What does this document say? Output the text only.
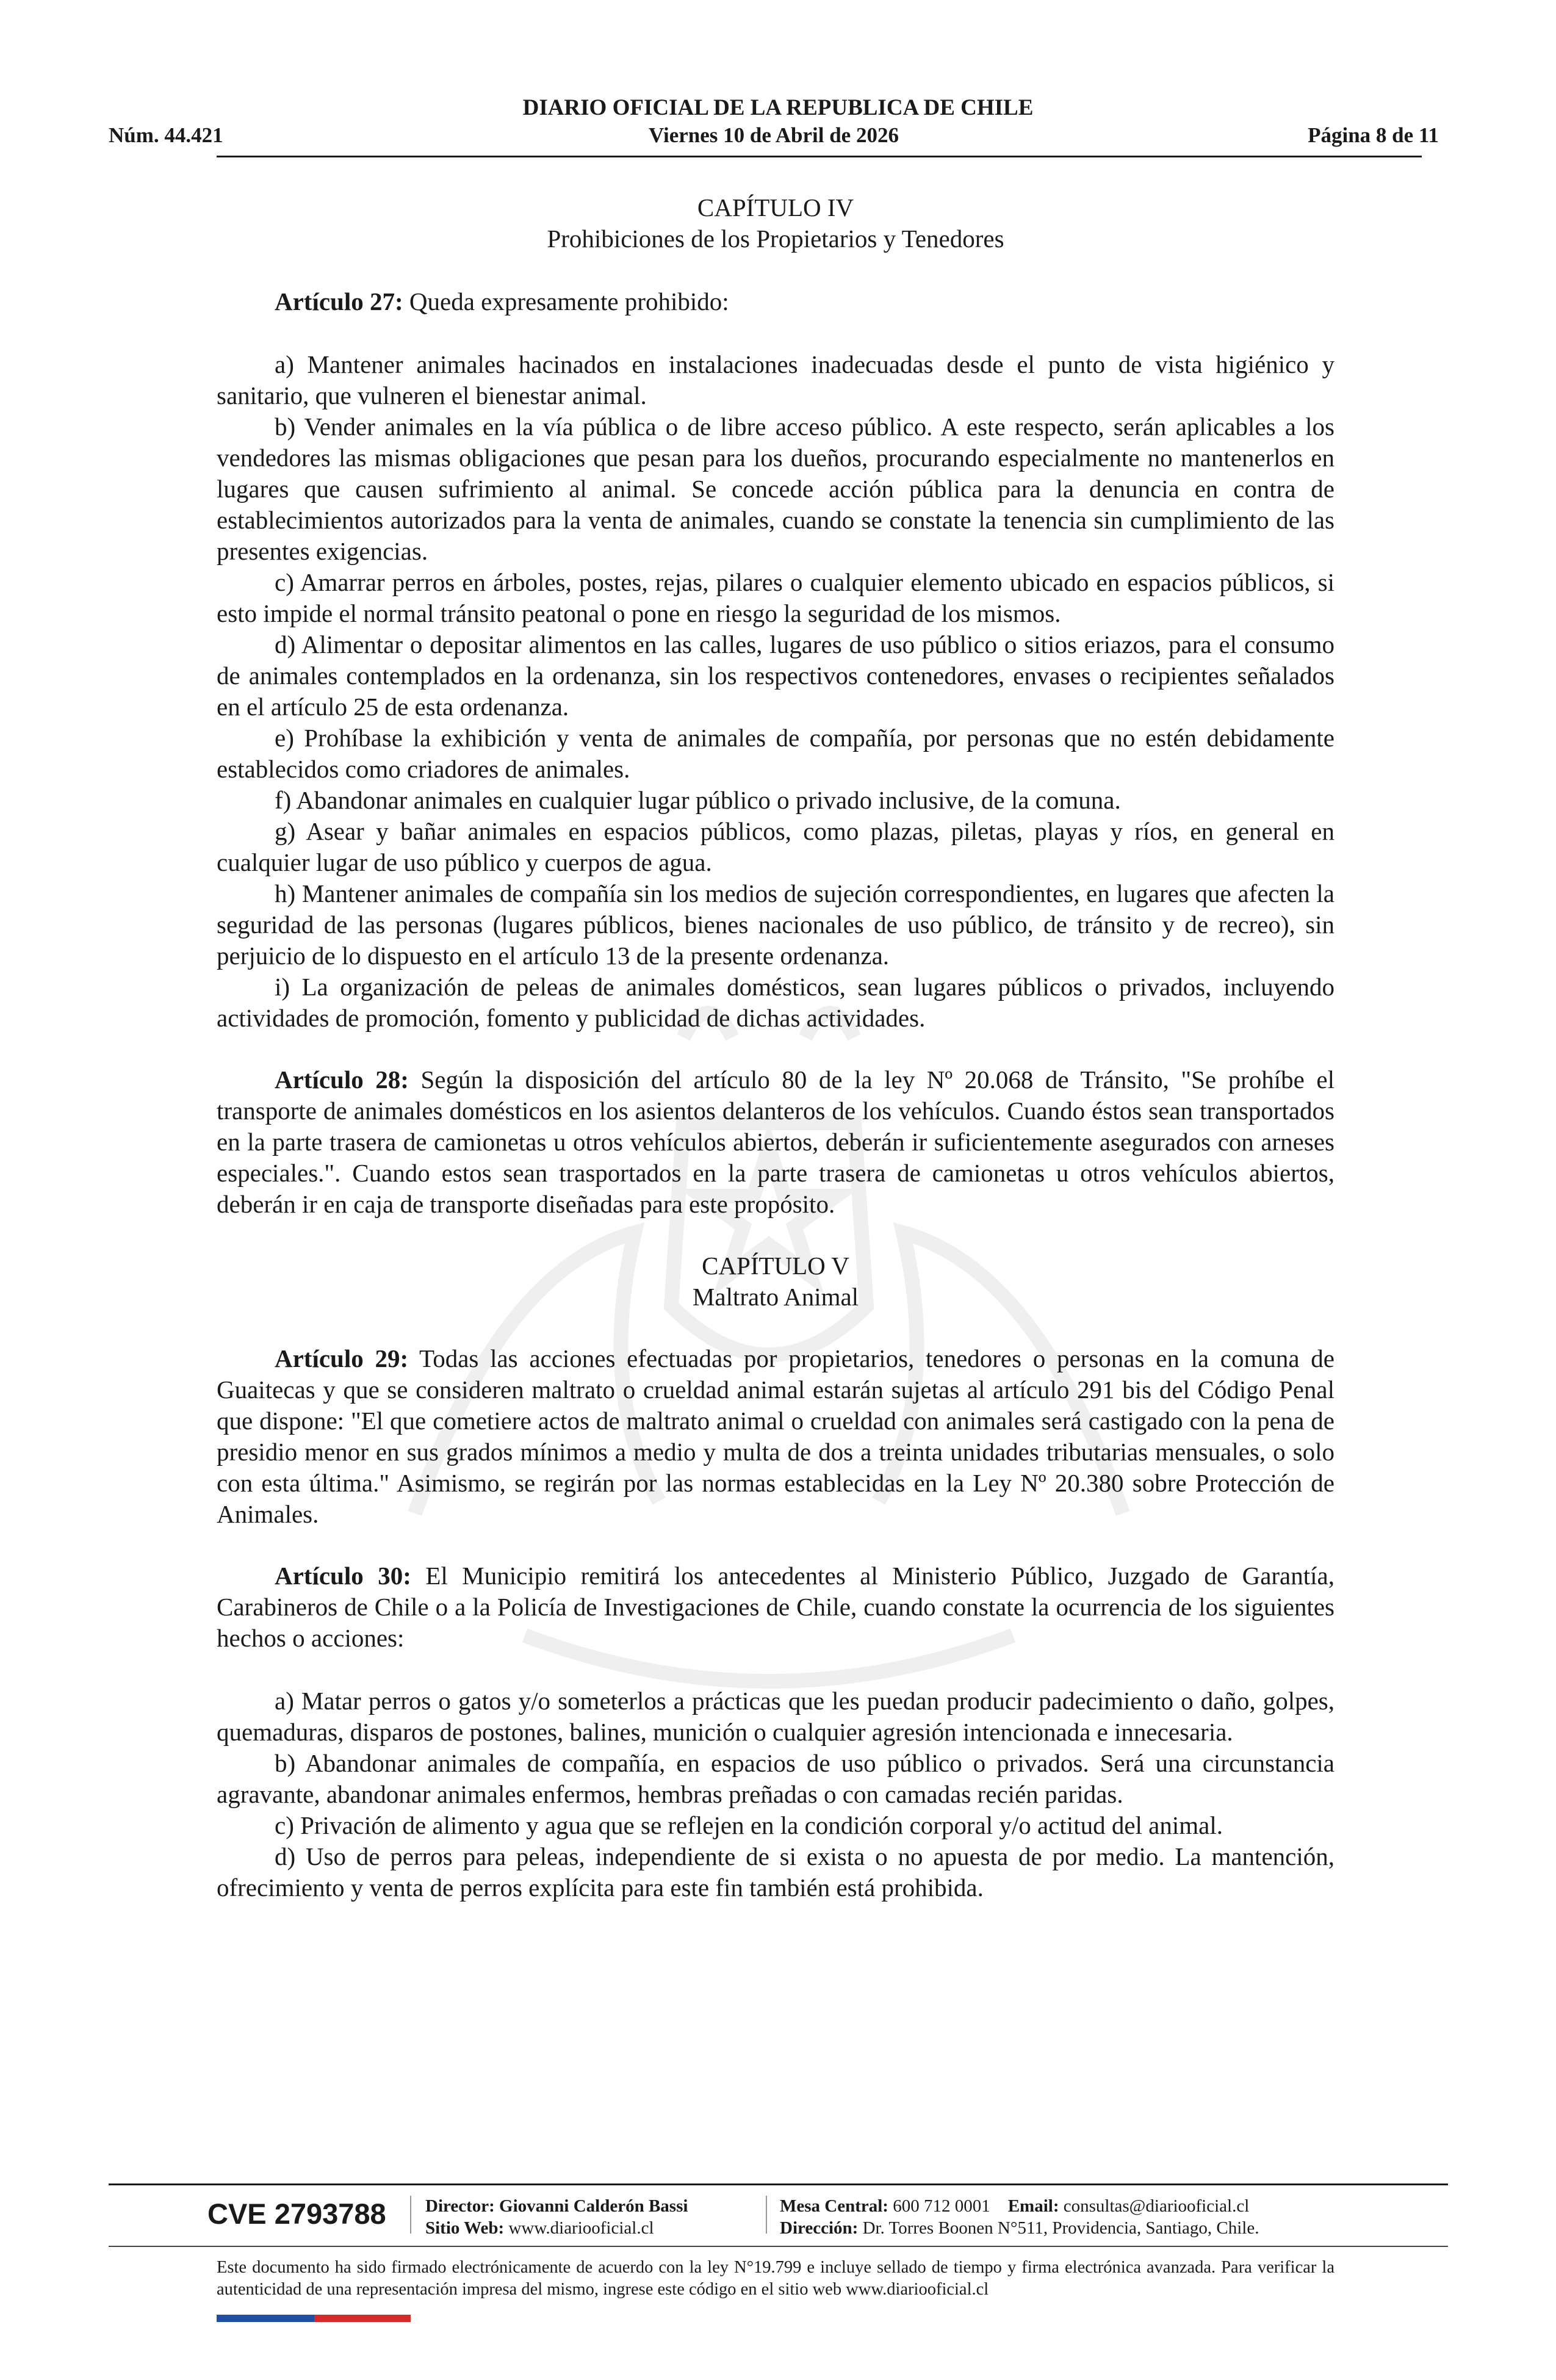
DIARIO OFICIAL DE LA REPUBLICA DE CHILE
Núm. 44.421	Viernes 10 de Abril de 2026	Página 8 de 11

CAPÍTULO IV
Prohibiciones de los Propietarios y Tenedores

Artículo 27: Queda expresamente prohibido:

a) Mantener animales hacinados en instalaciones inadecuadas desde el punto de vista higiénico y sanitario, que vulneren el bienestar animal.

b) Vender animales en la vía pública o de libre acceso público. A este respecto, serán aplicables a los vendedores las mismas obligaciones que pesan para los dueños, procurando especialmente no mantenerlos en lugares que causen sufrimiento al animal. Se concede acción pública para la denuncia en contra de establecimientos autorizados para la venta de animales, cuando se constate la tenencia sin cumplimiento de las presentes exigencias.

c) Amarrar perros en árboles, postes, rejas, pilares o cualquier elemento ubicado en espacios públicos, si esto impide el normal tránsito peatonal o pone en riesgo la seguridad de los mismos.

d) Alimentar o depositar alimentos en las calles, lugares de uso público o sitios eriazos, para el consumo de animales contemplados en la ordenanza, sin los respectivos contenedores, envases o recipientes señalados en el artículo 25 de esta ordenanza.

e) Prohíbase la exhibición y venta de animales de compañía, por personas que no estén debidamente establecidos como criadores de animales.

f) Abandonar animales en cualquier lugar público o privado inclusive, de la comuna.

g) Asear y bañar animales en espacios públicos, como plazas, piletas, playas y ríos, en general en cualquier lugar de uso público y cuerpos de agua.

h) Mantener animales de compañía sin los medios de sujeción correspondientes, en lugares que afecten la seguridad de las personas (lugares públicos, bienes nacionales de uso público, de tránsito y de recreo), sin perjuicio de lo dispuesto en el artículo 13 de la presente ordenanza.

i) La organización de peleas de animales domésticos, sean lugares públicos o privados, incluyendo actividades de promoción, fomento y publicidad de dichas actividades.

Artículo 28: Según la disposición del artículo 80 de la ley Nº 20.068 de Tránsito, "Se prohíbe el transporte de animales domésticos en los asientos delanteros de los vehículos. Cuando éstos sean transportados en la parte trasera de camionetas u otros vehículos abiertos, deberán ir suficientemente asegurados con arneses especiales.". Cuando estos sean trasportados en la parte trasera de camionetas u otros vehículos abiertos, deberán ir en caja de transporte diseñadas para este propósito.

CAPÍTULO V
Maltrato Animal

Artículo 29: Todas las acciones efectuadas por propietarios, tenedores o personas en la comuna de Guaitecas y que se consideren maltrato o crueldad animal estarán sujetas al artículo 291 bis del Código Penal que dispone: "El que cometiere actos de maltrato animal o crueldad con animales será castigado con la pena de presidio menor en sus grados mínimos a medio y multa de dos a treinta unidades tributarias mensuales, o solo con esta última." Asimismo, se regirán por las normas establecidas en la Ley Nº 20.380 sobre Protección de Animales.

Artículo 30: El Municipio remitirá los antecedentes al Ministerio Público, Juzgado de Garantía, Carabineros de Chile o a la Policía de Investigaciones de Chile, cuando constate la ocurrencia de los siguientes hechos o acciones:

a) Matar perros o gatos y/o someterlos a prácticas que les puedan producir padecimiento o daño, golpes, quemaduras, disparos de postones, balines, munición o cualquier agresión intencionada e innecesaria.

b) Abandonar animales de compañía, en espacios de uso público o privados. Será una circunstancia agravante, abandonar animales enfermos, hembras preñadas o con camadas recién paridas.

c) Privación de alimento y agua que se reflejen en la condición corporal y/o actitud del animal.

d) Uso de perros para peleas, independiente de si exista o no apuesta de por medio. La mantención, ofrecimiento y venta de perros explícita para este fin también está prohibida.

CVE 2793788 Director: Giovanni Calderón Bassi
Sitio Web: www.diariooficial.cl
Mesa Central: 600 712 0001 Email: consultas@diariooficial.cl
Dirección: Dr. Torres Boonen N°511, Providencia, Santiago, Chile.
Este documento ha sido firmado electrónicamente de acuerdo con la ley N°19.799 e incluye sellado de tiempo y firma electrónica avanzada. Para verificar la autenticidad de una representación impresa del mismo, ingrese este código en el sitio web www.diariooficial.cl
